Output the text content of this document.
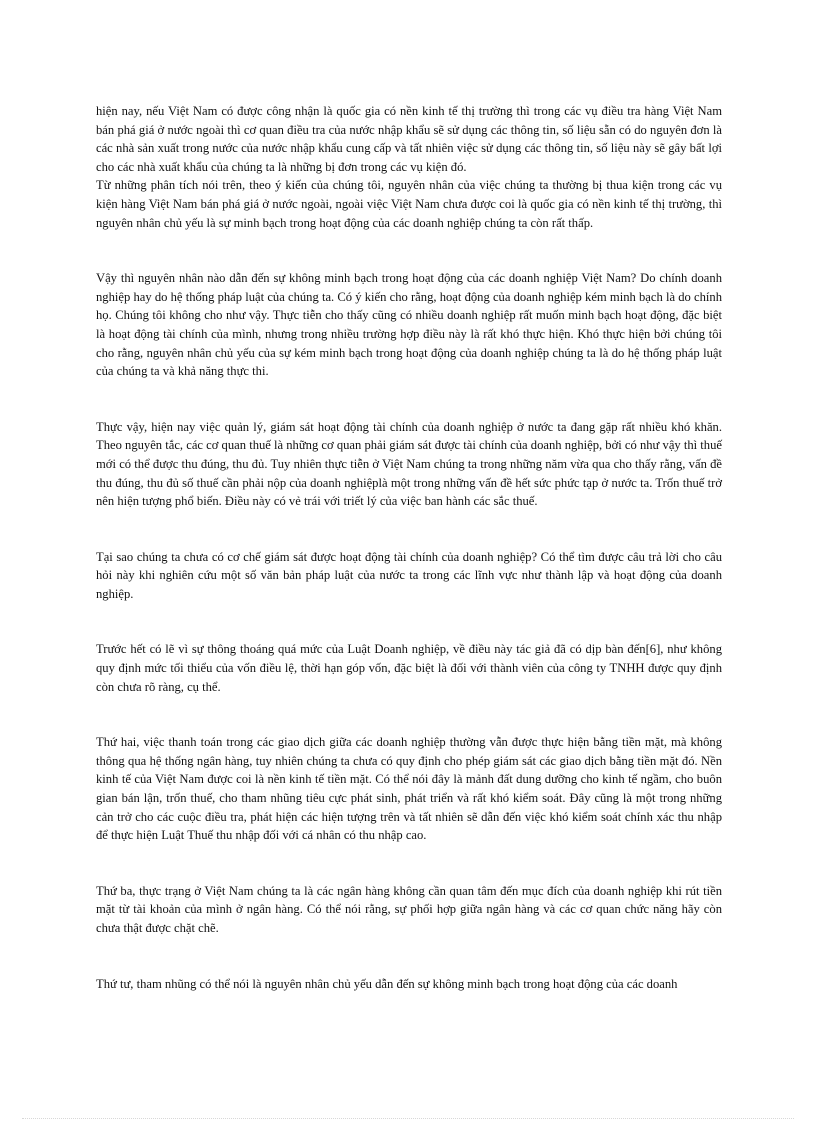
hiện nay, nếu Việt Nam có được công nhận là quốc gia có nền kinh tế thị trường thì trong các vụ điều tra hàng Việt Nam bán phá giá ở nước ngoài thì cơ quan điều tra của nước nhập khẩu sẽ sử dụng các thông tin, số liệu sẵn có do nguyên đơn là các nhà sản xuất trong nước của nước nhập khẩu cung cấp và tất nhiên việc sử dụng các thông tin, số liệu này sẽ gây bất lợi cho các nhà xuất khẩu của chúng ta là những bị đơn trong các vụ kiện đó.

Từ những phân tích nói trên, theo ý kiến của chúng tôi, nguyên nhân của việc chúng ta thường bị thua kiện trong các vụ kiện hàng Việt Nam bán phá giá ở nước ngoài, ngoài việc Việt Nam chưa được coi là quốc gia có nền kinh tế thị trường, thì nguyên nhân chủ yếu là sự minh bạch trong hoạt động của các doanh nghiệp chúng ta còn rất thấp.

Vậy thì nguyên nhân nào dẫn đến sự không minh bạch trong hoạt động của các doanh nghiệp Việt Nam? Do chính doanh nghiệp hay do hệ thống pháp luật của chúng ta. Có ý kiến cho rằng, hoạt động của doanh nghiệp kém minh bạch là do chính họ. Chúng tôi không cho như vậy. Thực tiễn cho thấy cũng có nhiều doanh nghiệp rất muốn minh bạch hoạt động, đặc biệt là hoạt động tài chính của mình, nhưng trong nhiều trường hợp điều này là rất khó thực hiện. Khó thực hiện bởi chúng tôi cho rằng, nguyên nhân chủ yếu của sự kém minh bạch trong hoạt động của doanh nghiệp chúng ta là do hệ thống pháp luật của chúng ta và khả năng thực thi.

Thực vậy, hiện nay việc quản lý, giám sát hoạt động tài chính của doanh nghiệp ở nước ta đang gặp rất nhiều khó khăn. Theo nguyên tắc, các cơ quan thuế là những cơ quan phải giám sát được tài chính của doanh nghiệp, bởi có như vậy thì thuế mới có thể được thu đúng, thu đủ. Tuy nhiên thực tiễn ở Việt Nam chúng ta trong những năm vừa qua cho thấy rằng, vấn đề thu đúng, thu đủ số thuế cần phải nộp của doanh nghiệplà một trong những vấn đề hết sức phức tạp ở nước ta. Trốn thuế trở nên hiện tượng phổ biến. Điều này có vẻ trái với triết lý của việc ban hành các sắc thuế.

Tại sao chúng ta chưa có cơ chế giám sát được hoạt động tài chính của doanh nghiệp? Có thể tìm được câu trả lời cho câu hỏi này khi nghiên cứu một số văn bản pháp luật của nước ta trong các lĩnh vực như thành lập và hoạt động của doanh nghiệp.

Trước hết có lẽ vì sự thông thoáng quá mức của Luật Doanh nghiệp, về điều này tác giả đã có dịp bàn đến[6], như không quy định mức tối thiểu của vốn điều lệ, thời hạn góp vốn, đặc biệt là đối với thành viên của công ty TNHH được quy định còn chưa rõ ràng, cụ thể.

Thứ hai, việc thanh toán trong các giao dịch giữa các doanh nghiệp thường vẫn được thực hiện bằng tiền mặt, mà không thông qua hệ thống ngân hàng, tuy nhiên chúng ta chưa có quy định cho phép giám sát các giao dịch bằng tiền mặt đó. Nền kinh tế của Việt Nam được coi là nền kinh tế tiền mặt. Có thể nói đây là mảnh đất dung dưỡng cho kinh tế ngầm, cho buôn gian bán lận, trốn thuế, cho tham nhũng tiêu cực phát sinh, phát triển và rất khó kiểm soát. Đây cũng là một trong những cản trở cho các cuộc điều tra, phát hiện các hiện tượng trên và tất nhiên sẽ dẫn đến việc khó kiểm soát chính xác thu nhập để thực hiện Luật Thuế thu nhập đối với cá nhân có thu nhập cao.

Thứ ba, thực trạng ở Việt Nam chúng ta là các ngân hàng không cần quan tâm đến mục đích của doanh nghiệp khi rút tiền mặt từ tài khoản của mình ở ngân hàng. Có thể nói rằng, sự phối hợp giữa ngân hàng và các cơ quan chức năng hãy còn chưa thật được chặt chẽ.

Thứ tư, tham nhũng có thể nói là nguyên nhân chủ yếu dẫn đến sự không minh bạch trong hoạt động của các doanh
